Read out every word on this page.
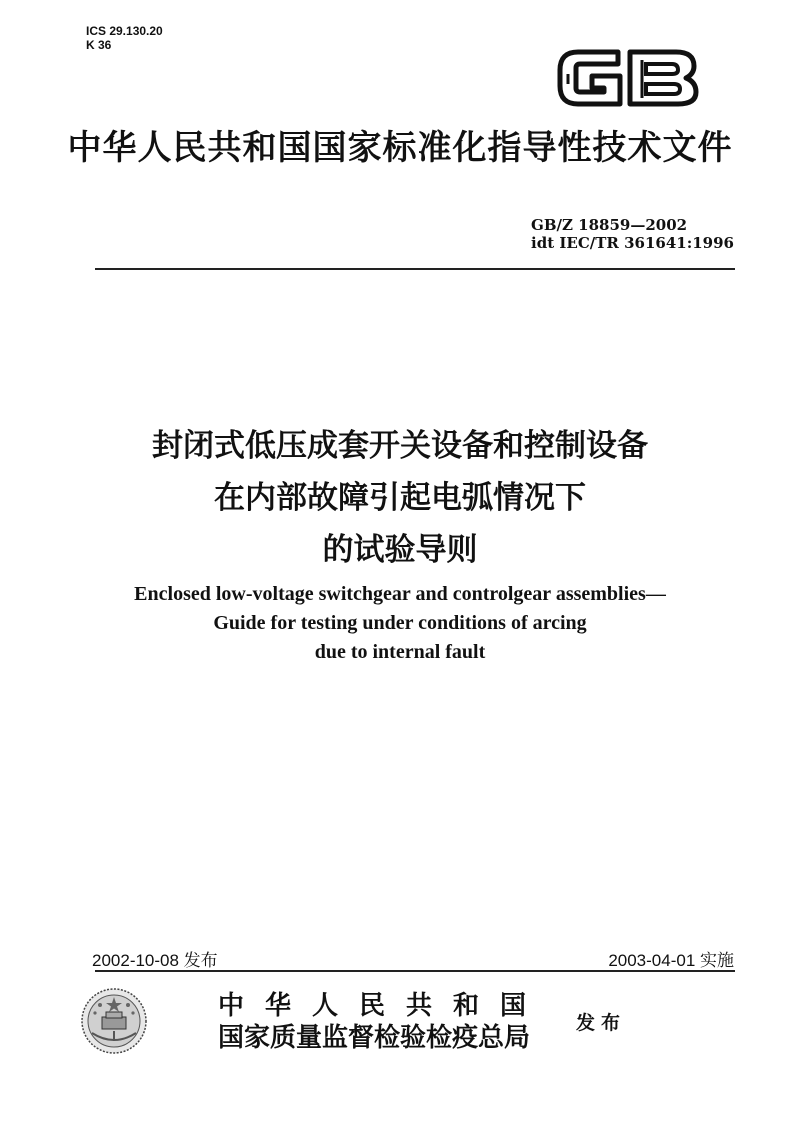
ICS 29.130.20
K 36
中华人民共和国国家标准化指导性技术文件
GB/Z 18859—2002
idt IEC/TR 361641:1996
封闭式低压成套开关设备和控制设备
在内部故障引起电弧情况下
的试验导则
Enclosed low-voltage switchgear and controlgear assemblies—
Guide for testing under conditions of arcing
due to internal fault
2002-10-08 发布	2003-04-01 实施
中华人民共和国
国家质量监督检验检疫总局	发布
